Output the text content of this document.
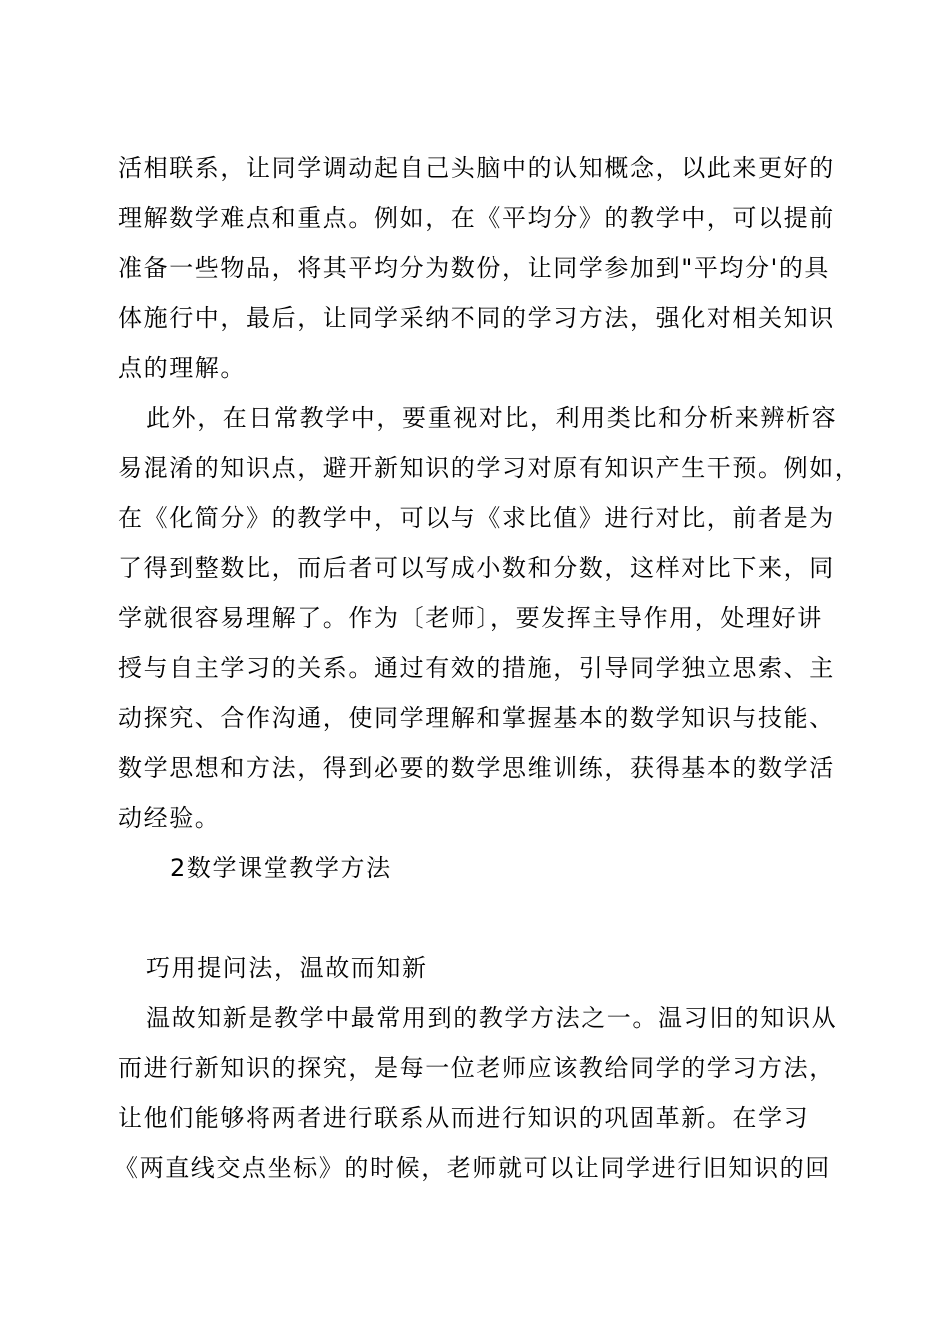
活相联系，让同学调动起自己头脑中的认知概念，以此来更好的
理解数学难点和重点。例如，在《平均分》的教学中，可以提前
准备一些物品，将其平均分为数份，让同学参加到"平均分'的具
体施行中，最后，让同学采纳不同的学习方法，强化对相关知识
点的理解。
此外，在日常教学中，要重视对比，利用类比和分析来辨析容
易混淆的知识点，避开新知识的学习对原有知识产生干预。例如，
在《化简分》的教学中，可以与《求比值》进行对比，前者是为
了得到整数比，而后者可以写成小数和分数，这样对比下来，同
学就很容易理解了。作为〔老师〕，要发挥主导作用，处理好讲
授与自主学习的关系。通过有效的措施，引导同学独立思索、主
动探究、合作沟通，使同学理解和掌握基本的数学知识与技能、
数学思想和方法，得到必要的数学思维训练，获得基本的数学活
动经验。
2数学课堂教学方法
巧用提问法，温故而知新
温故知新是教学中最常用到的教学方法之一。温习旧的知识从
而进行新知识的探究，是每一位老师应该教给同学的学习方法，
让他们能够将两者进行联系从而进行知识的巩固革新。在学习
《两直线交点坐标》的时候，老师就可以让同学进行旧知识的回
